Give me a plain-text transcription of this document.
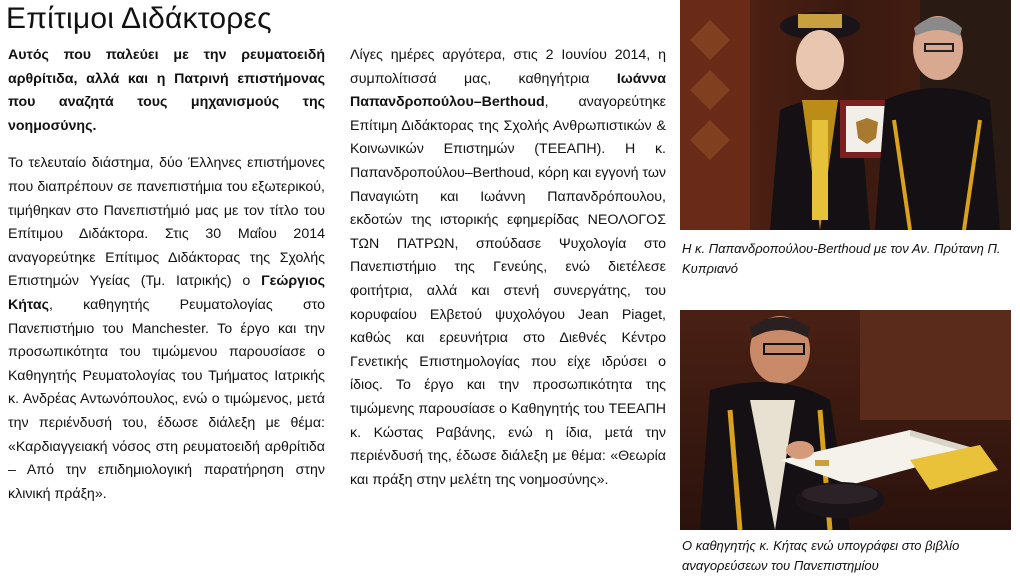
Επίτιμοι Διδάκτορες

Αυτός που παλεύει με την ρευματοειδή αρθρίτιδα, αλλά και η Πατρινή επιστήμονας που αναζητά τους μηχανισμούς της νοημοσύνης.

Το τελευταίο διάστημα, δύο Έλληνες επιστήμονες που διαπρέπουν σε πανεπιστήμια του εξωτερικού, τιμήθηκαν στο Πανεπιστήμιό μας με τον τίτλο του Επίτιμου Διδάκτορα. Στις 30 Μαΐου 2014 αναγορεύτηκε Επίτιμος Διδάκτορας της Σχολής Επιστημών Υγείας (Τμ. Ιατρικής) ο Γεώργιος Κήτας, καθηγητής Ρευματολογίας στο Πανεπιστήμιο του Manchester. Το έργο και την προσωπικότητα του τιμώμενου παρουσίασε ο Καθηγητής Ρευματολογίας του Τμήματος Ιατρικής κ. Ανδρέας Αντωνόπουλος, ενώ ο τιμώμενος, μετά την περιένδυσή του, έδωσε διάλεξη με θέμα: «Καρδιαγγειακή νόσος στη ρευματοειδή αρθρίτιδα – Από την επιδημιολογική παρατήρηση στην κλινική πράξη».

Λίγες ημέρες αργότερα, στις 2 Ιουνίου 2014, η συμπολίτισσά μας, καθηγήτρια Ιωάννα Παπανδροπούλου–Berthoud, αναγορεύτηκε Επίτιμη Διδάκτορας της Σχολής Ανθρωπιστικών & Κοινωνικών Επιστημών (ΤΕΕΑΠΗ). Η κ. Παπανδροπούλου–Berthoud, κόρη και εγγονή των Παναγιώτη και Ιωάννη Παπανδρόπουλου, εκδοτών της ιστορικής εφημερίδας ΝΕΟΛΟΓΟΣ ΤΩΝ ΠΑΤΡΩΝ, σπούδασε Ψυχολογία στο Πανεπιστήμιο της Γενεύης, ενώ διετέλεσε φοιτήτρια, αλλά και στενή συνεργάτης, του κορυφαίου Ελβετού ψυχολόγου Jean Piaget, καθώς και ερευνήτρια στο Διεθνές Κέντρο Γενετικής Επιστημολογίας που είχε ιδρύσει ο ίδιος. Το έργο και την προσωπικότητα της τιμώμενης παρουσίασε ο Καθηγητής του ΤΕΕΑΠΗ κ. Κώστας Ραβάνης, ενώ η ίδια, μετά την περιένδυσή της, έδωσε διάλεξη με θέμα: «Θεωρία και πράξη στην μελέτη της νοημοσύνης».

Η κ. Παπανδροπούλου-Berthoud με τον Αν. Πρύτανη Π. Κυπριανό

Ο καθηγητής κ. Κήτας ενώ υπογράφει στο βιβλίο αναγορεύσεων του Πανεπιστημίου
